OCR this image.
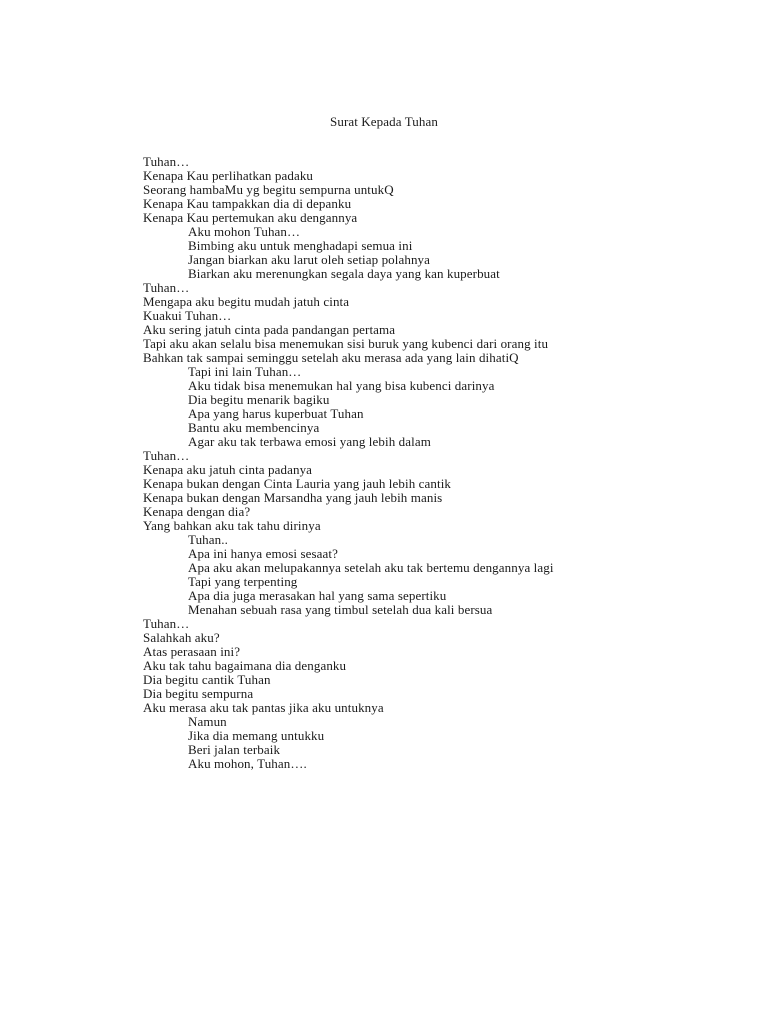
Surat Kepada Tuhan
Tuhan…
Kenapa Kau perlihatkan padaku
Seorang hambaMu yg begitu sempurna untukQ
Kenapa Kau tampakkan dia di depanku
Kenapa Kau pertemukan aku dengannya
Aku mohon Tuhan…
Bimbing aku untuk menghadapi semua ini
Jangan biarkan aku larut oleh setiap polahnya
Biarkan aku merenungkan segala daya yang kan kuperbuat
Tuhan…
Mengapa aku begitu mudah jatuh cinta
Kuakui Tuhan…
Aku sering jatuh cinta pada pandangan pertama
Tapi aku akan selalu bisa menemukan sisi buruk yang kubenci dari orang itu
Bahkan tak sampai seminggu setelah aku merasa ada yang lain dihatiQ
Tapi ini lain Tuhan…
Aku tidak bisa menemukan hal yang bisa kubenci darinya
Dia begitu menarik bagiku
Apa yang harus kuperbuat Tuhan
Bantu aku membencinya
Agar aku tak terbawa emosi yang lebih dalam
Tuhan…
Kenapa aku jatuh cinta padanya
Kenapa bukan dengan Cinta Lauria yang jauh lebih cantik
Kenapa bukan dengan Marsandha yang jauh lebih manis
Kenapa dengan dia?
Yang bahkan aku tak tahu dirinya
Tuhan..
Apa ini hanya emosi sesaat?
Apa aku akan melupakannya setelah aku tak bertemu dengannya lagi
Tapi yang terpenting
Apa dia juga merasakan hal yang sama sepertiku
Menahan sebuah rasa yang timbul setelah dua kali bersua
Tuhan…
Salahkah aku?
Atas perasaan ini?
Aku tak tahu bagaimana dia denganku
Dia begitu cantik Tuhan
Dia begitu sempurna
Aku merasa aku tak pantas jika aku untuknya
Namun
Jika dia memang untukku
Beri jalan terbaik
Aku mohon, Tuhan….
